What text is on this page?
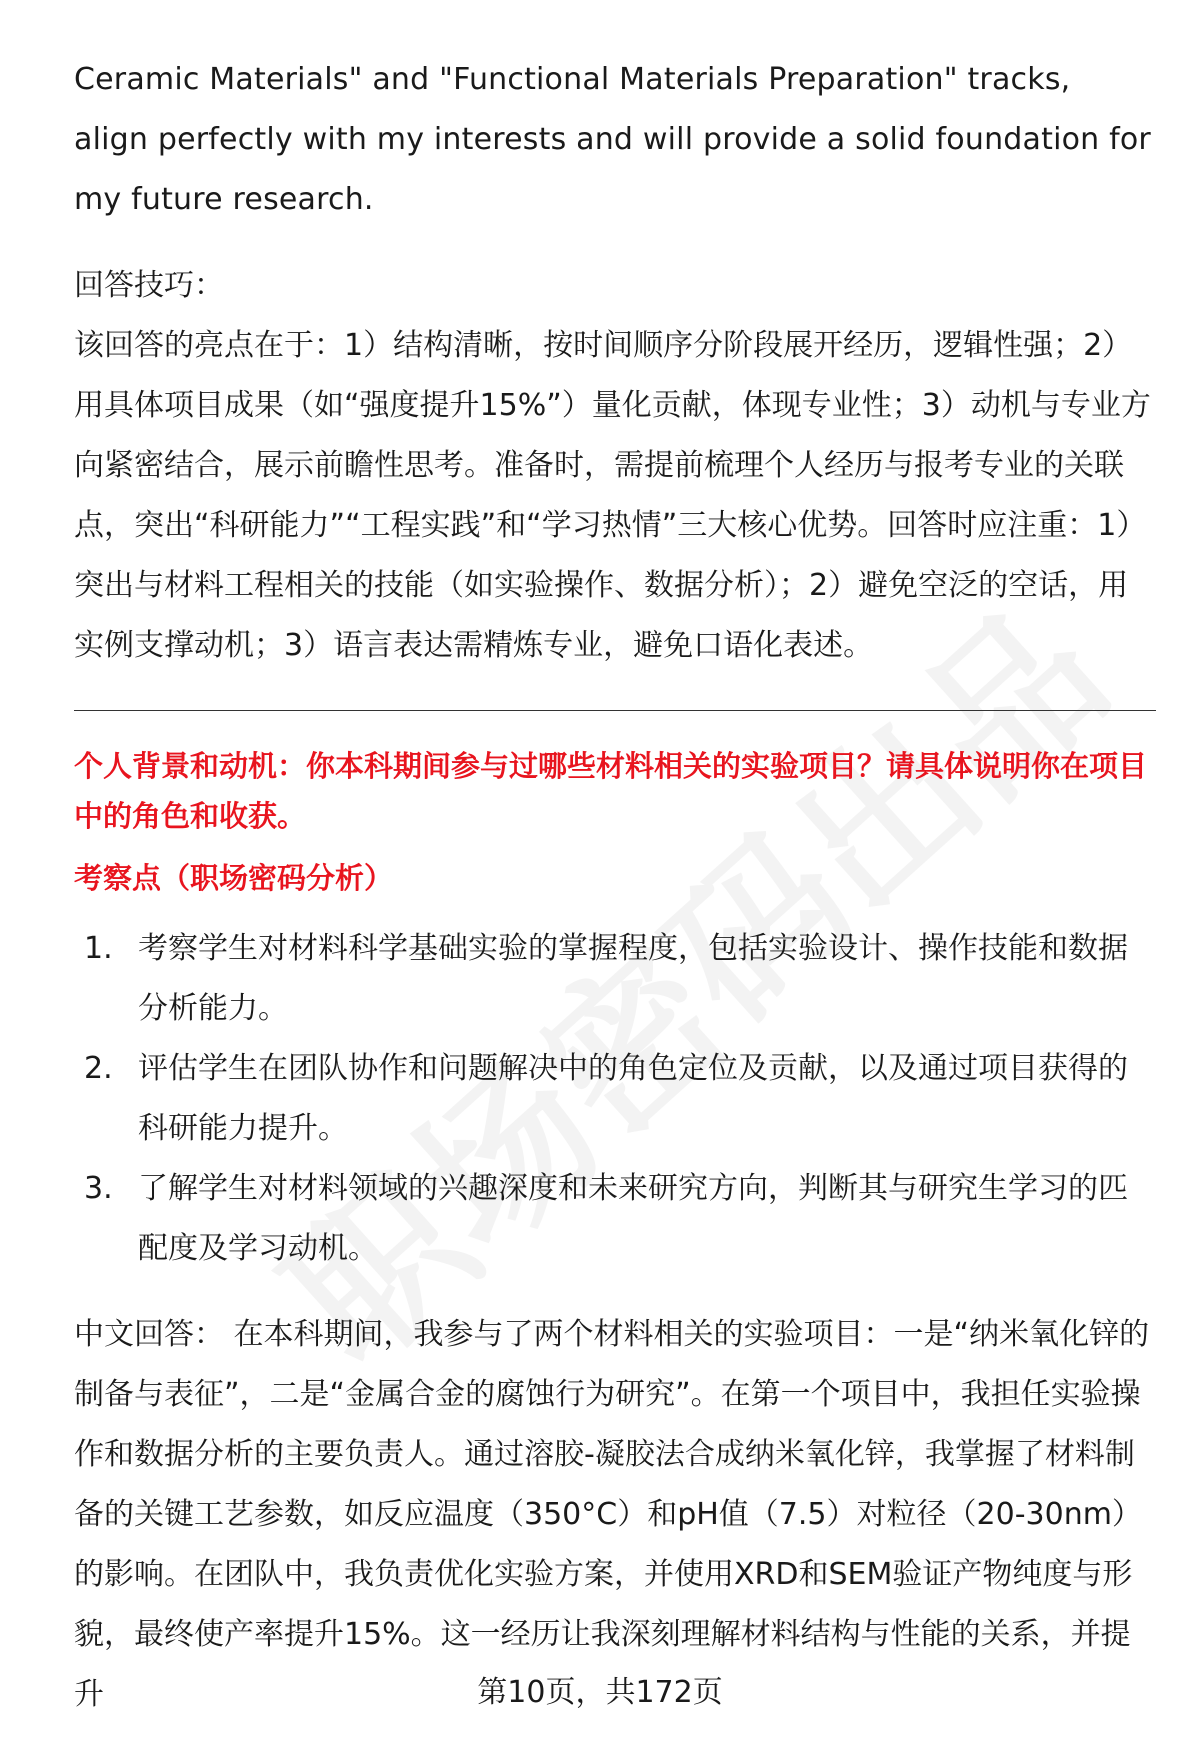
Ceramic Materials" and "Functional Materials Preparation" tracks, align perfectly with my interests and will provide a solid foundation for my future research.

回答技巧：

该回答的亮点在于：1）结构清晰，按时间顺序分阶段展开经历，逻辑性强；2）用具体项目成果（如“强度提升15%”）量化贡献，体现专业性；3）动机与专业方向紧密结合，展示前瞻性思考。准备时，需提前梳理个人经历与报考专业的关联点，突出“科研能力”“工程实践”和“学习热情”三大核心优势。回答时应注重：1）突出与材料工程相关的技能（如实验操作、数据分析）；2）避免空泛的空话，用实例支撑动机；3）语言表达需精炼专业，避免口语化表述。

个人背景和动机：你本科期间参与过哪些材料相关的实验项目？请具体说明你在项目中的角色和收获。

考察点（职场密码分析）

1. 考察学生对材料科学基础实验的掌握程度，包括实验设计、操作技能和数据分析能力。
2. 评估学生在团队协作和问题解决中的角色定位及贡献，以及通过项目获得的科研能力提升。
3. 了解学生对材料领域的兴趣深度和未来研究方向，判断其与研究生学习的匹配度及学习动机。

中文回答： 在本科期间，我参与了两个材料相关的实验项目：一是“纳米氧化锌的制备与表征”，二是“金属合金的腐蚀行为研究”。在第一个项目中，我担任实验操作和数据分析的主要负责人。通过溶胶-凝胶法合成纳米氧化锌，我掌握了材料制备的关键工艺参数，如反应温度（350°C）和pH值（7.5）对粒径（20-30nm）的影响。在团队中，我负责优化实验方案，并使用XRD和SEM验证产物纯度与形貌，最终使产率提升15%。这一经历让我深刻理解材料结构与性能的关系，并提升	第10页，共172页
